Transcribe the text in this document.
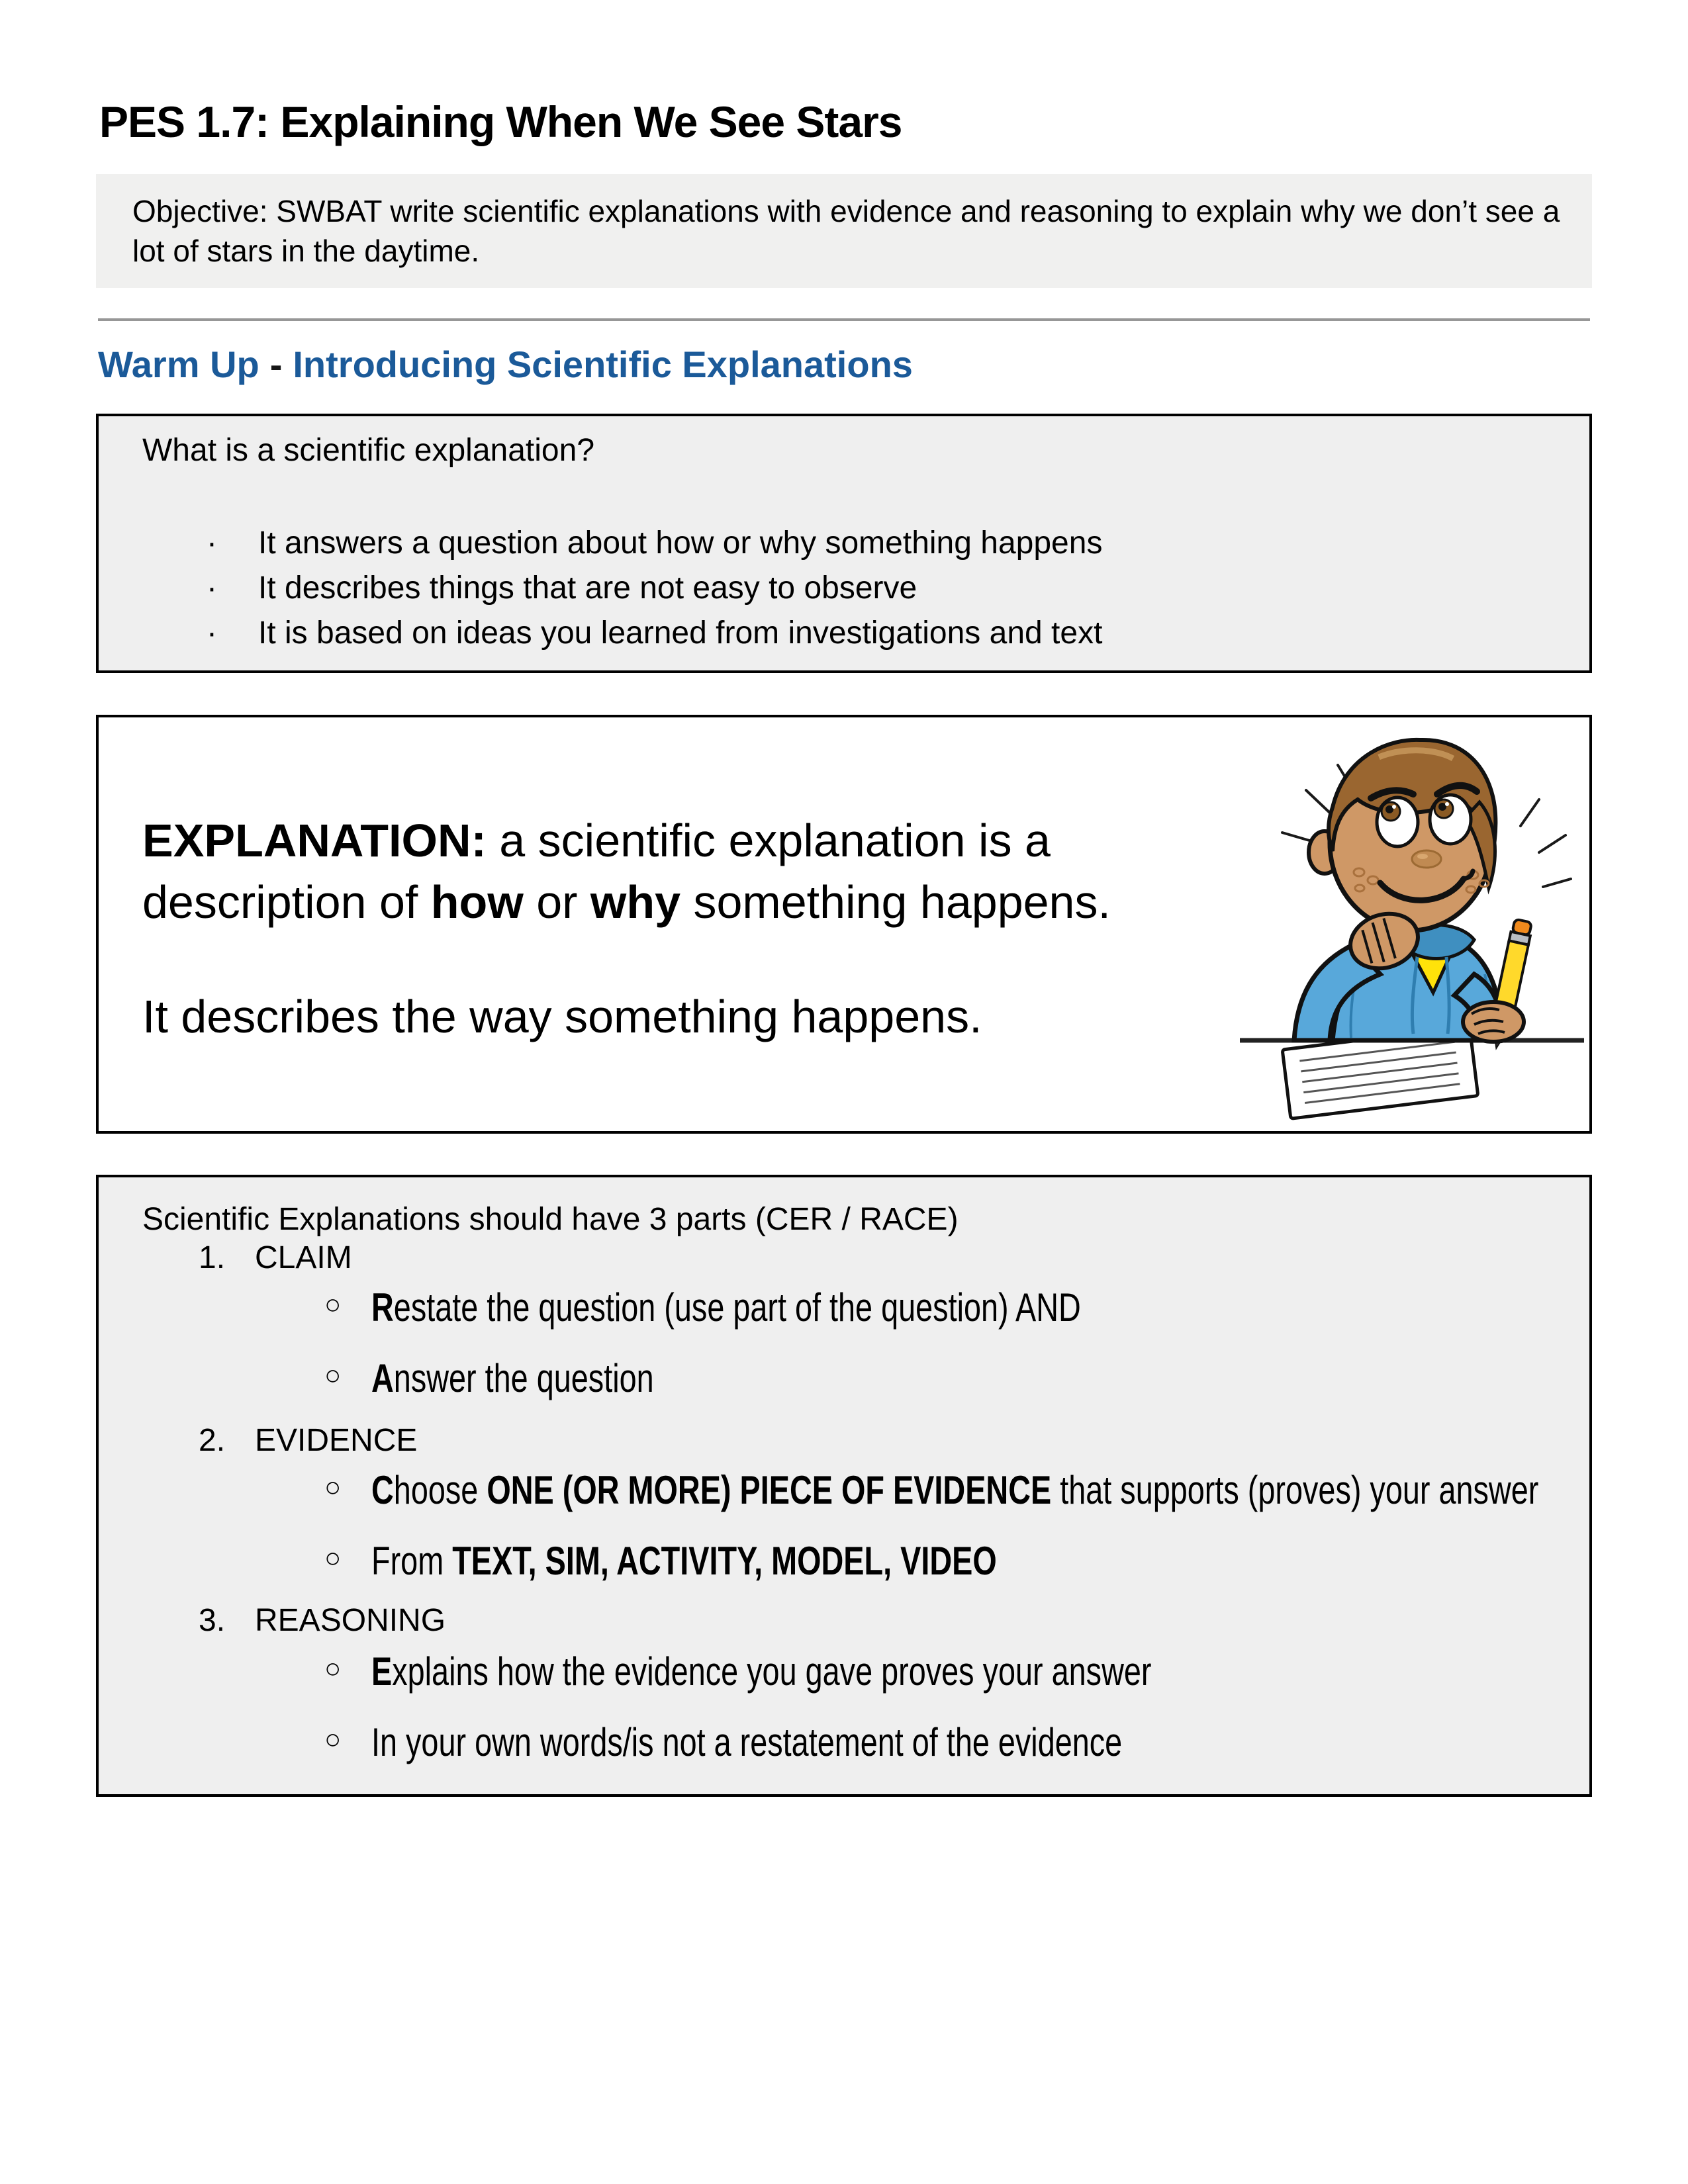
PES 1.7: Explaining When We See Stars
Objective: SWBAT write scientific explanations with evidence and reasoning to explain why we don’t see a lot of stars in the daytime.
Warm Up - Introducing Scientific Explanations
What is a scientific explanation?
· It answers a question about how or why something happens
· It describes things that are not easy to observe
· It is based on ideas you learned from investigations and text
EXPLANATION: a scientific explanation is a
description of how or why something happens.
It describes the way something happens.
Scientific Explanations should have 3 parts (CER / RACE)
1. CLAIM
○ Restate the question (use part of the question) AND
○ Answer the question
2. EVIDENCE
○ Choose ONE (OR MORE) PIECE OF EVIDENCE that supports (proves) your answer
○ From TEXT, SIM, ACTIVITY, MODEL, VIDEO
3. REASONING
○ Explains how the evidence you gave proves your answer
○ In your own words/is not a restatement of the evidence
